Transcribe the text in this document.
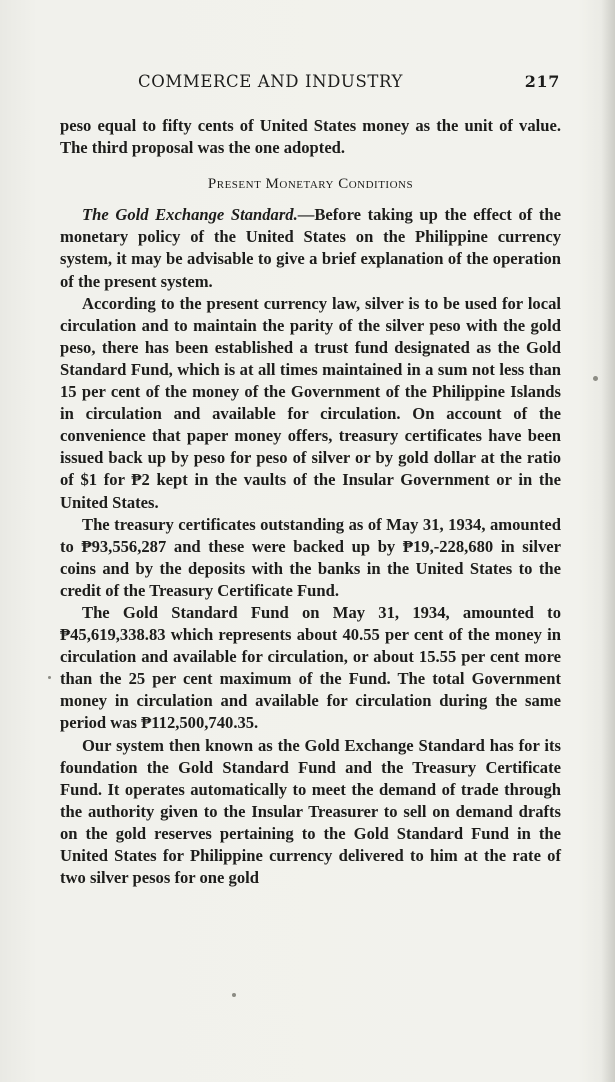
COMMERCE AND INDUSTRY	217

peso equal to fifty cents of United States money as the unit of value. The third proposal was the one adopted.

Present Monetary Conditions

The Gold Exchange Standard.—Before taking up the effect of the monetary policy of the United States on the Philippine currency system, it may be advisable to give a brief explanation of the operation of the present system.

According to the present currency law, silver is to be used for local circulation and to maintain the parity of the silver peso with the gold peso, there has been established a trust fund designated as the Gold Standard Fund, which is at all times maintained in a sum not less than 15 per cent of the money of the Government of the Philippine Islands in circulation and available for circulation. On account of the convenience that paper money offers, treasury certificates have been issued back up by peso for peso of silver or by gold dollar at the ratio of $1 for ₱2 kept in the vaults of the Insular Government or in the United States.

The treasury certificates outstanding as of May 31, 1934, amounted to ₱93,556,287 and these were backed up by ₱19,-228,680 in silver coins and by the deposits with the banks in the United States to the credit of the Treasury Certificate Fund.

The Gold Standard Fund on May 31, 1934, amounted to ₱45,619,338.83 which represents about 40.55 per cent of the money in circulation and available for circulation, or about 15.55 per cent more than the 25 per cent maximum of the Fund. The total Government money in circulation and available for circulation during the same period was ₱112,500,740.35.

Our system then known as the Gold Exchange Standard has for its foundation the Gold Standard Fund and the Treasury Certificate Fund. It operates automatically to meet the demand of trade through the authority given to the Insular Treasurer to sell on demand drafts on the gold reserves pertaining to the Gold Standard Fund in the United States for Philippine currency delivered to him at the rate of two silver pesos for one gold
